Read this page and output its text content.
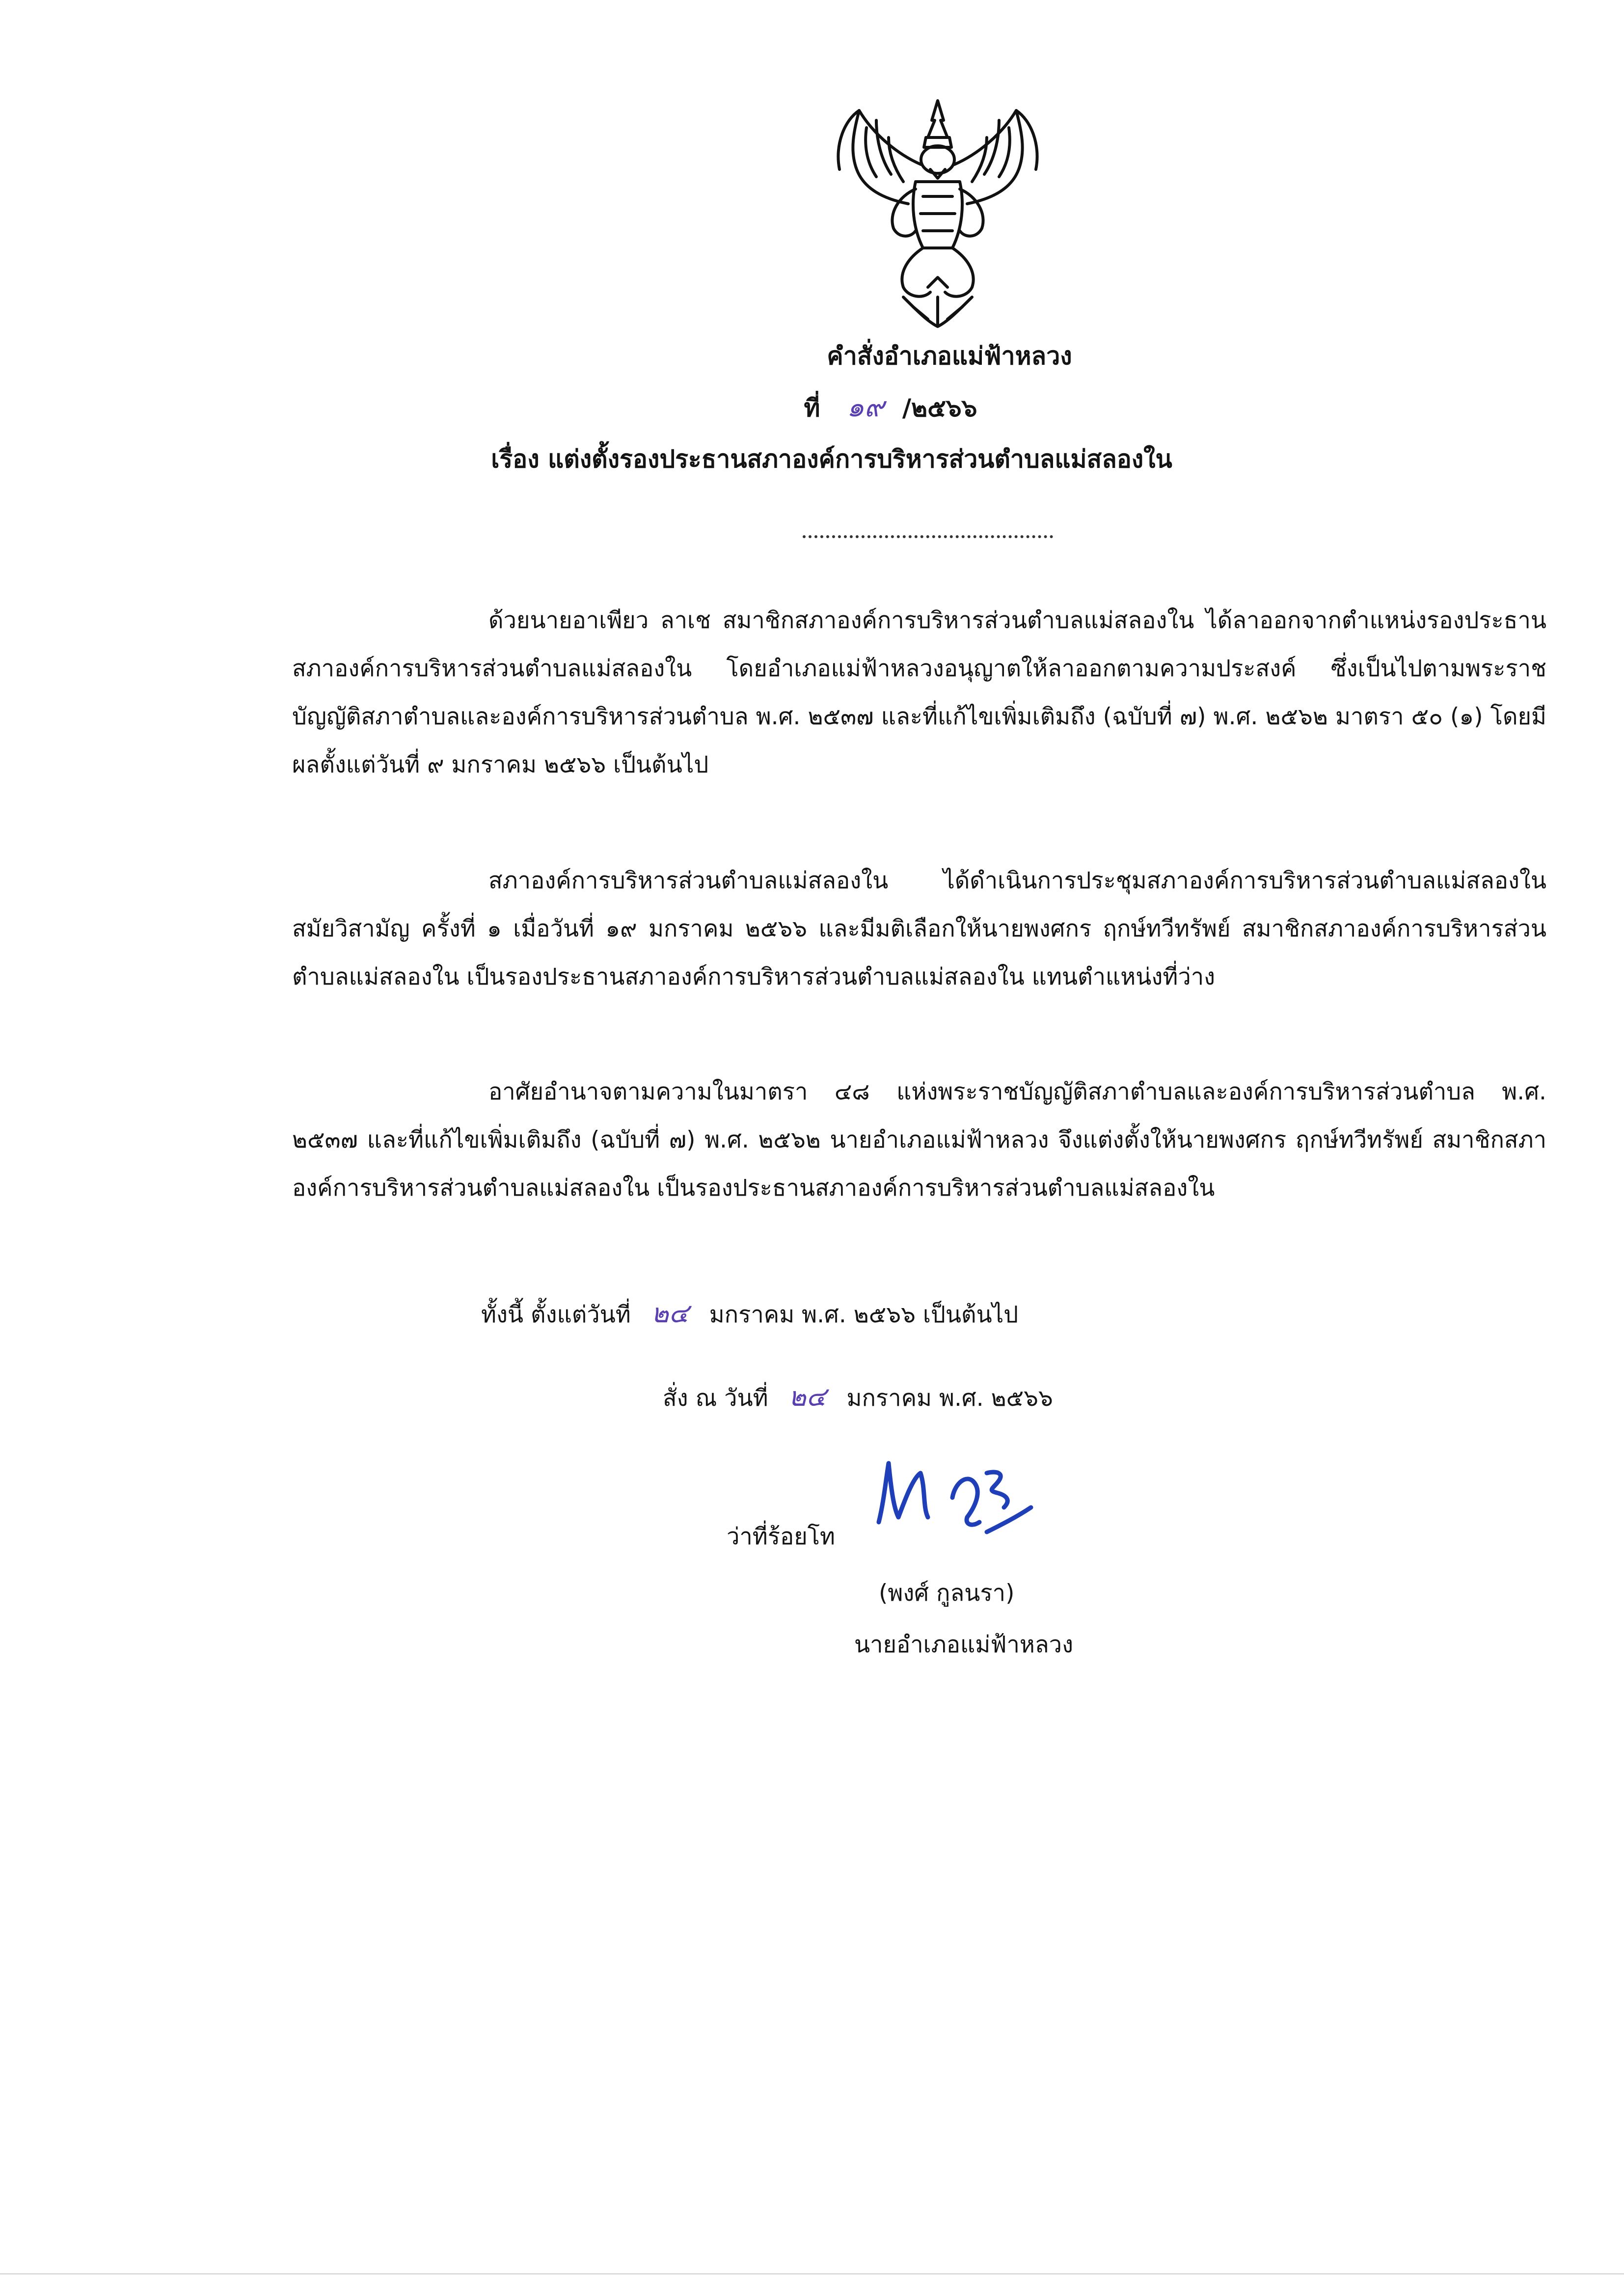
คำสั่งอำเภอแม่ฟ้าหลวง
ที่ ๑๙ /๒๕๖๖
เรื่อง แต่งตั้งรองประธานสภาองค์การบริหารส่วนตำบลแม่สลองใน

ด้วยนายอาเพียว ลาเช สมาชิกสภาองค์การบริหารส่วนตำบลแม่สลองใน ได้ลาออกจากตำแหน่งรองประธานสภาองค์การบริหารส่วนตำบลแม่สลองใน โดยอำเภอแม่ฟ้าหลวงอนุญาตให้ลาออกตามความประสงค์ ซึ่งเป็นไปตามพระราชบัญญัติสภาตำบลและองค์การบริหารส่วนตำบล พ.ศ. ๒๕๓๗ และที่แก้ไขเพิ่มเติมถึง (ฉบับที่ ๗) พ.ศ. ๒๕๖๒ มาตรา ๕๐ (๑) โดยมีผลตั้งแต่วันที่ ๙ มกราคม ๒๕๖๖ เป็นต้นไป

สภาองค์การบริหารส่วนตำบลแม่สลองใน ได้ดำเนินการประชุมสภาองค์การบริหารส่วนตำบลแม่สลองใน สมัยวิสามัญ ครั้งที่ ๑ เมื่อวันที่ ๑๙ มกราคม ๒๕๖๖ และมีมติเลือกให้นายพงศกร ฤกษ์ทวีทรัพย์ สมาชิกสภาองค์การบริหารส่วนตำบลแม่สลองใน เป็นรองประธานสภาองค์การบริหารส่วนตำบลแม่สลองใน แทนตำแหน่งที่ว่าง

อาศัยอำนาจตามความในมาตรา ๔๘ แห่งพระราชบัญญัติสภาตำบลและองค์การบริหารส่วนตำบล พ.ศ. ๒๕๓๗ และที่แก้ไขเพิ่มเติมถึง (ฉบับที่ ๗) พ.ศ. ๒๕๖๒ นายอำเภอแม่ฟ้าหลวง จึงแต่งตั้งให้นายพงศกร ฤกษ์ทวีทรัพย์ สมาชิกสภาองค์การบริหารส่วนตำบลแม่สลองใน เป็นรองประธานสภาองค์การบริหารส่วนตำบลแม่สลองใน

ทั้งนี้ ตั้งแต่วันที่ ๒๔ มกราคม พ.ศ. ๒๕๖๖ เป็นต้นไป
สั่ง ณ วันที่ ๒๔ มกราคม พ.ศ. ๒๕๖๖
ว่าที่ร้อยโท
(พงศ์ กูลนรา)
นายอำเภอแม่ฟ้าหลวง
